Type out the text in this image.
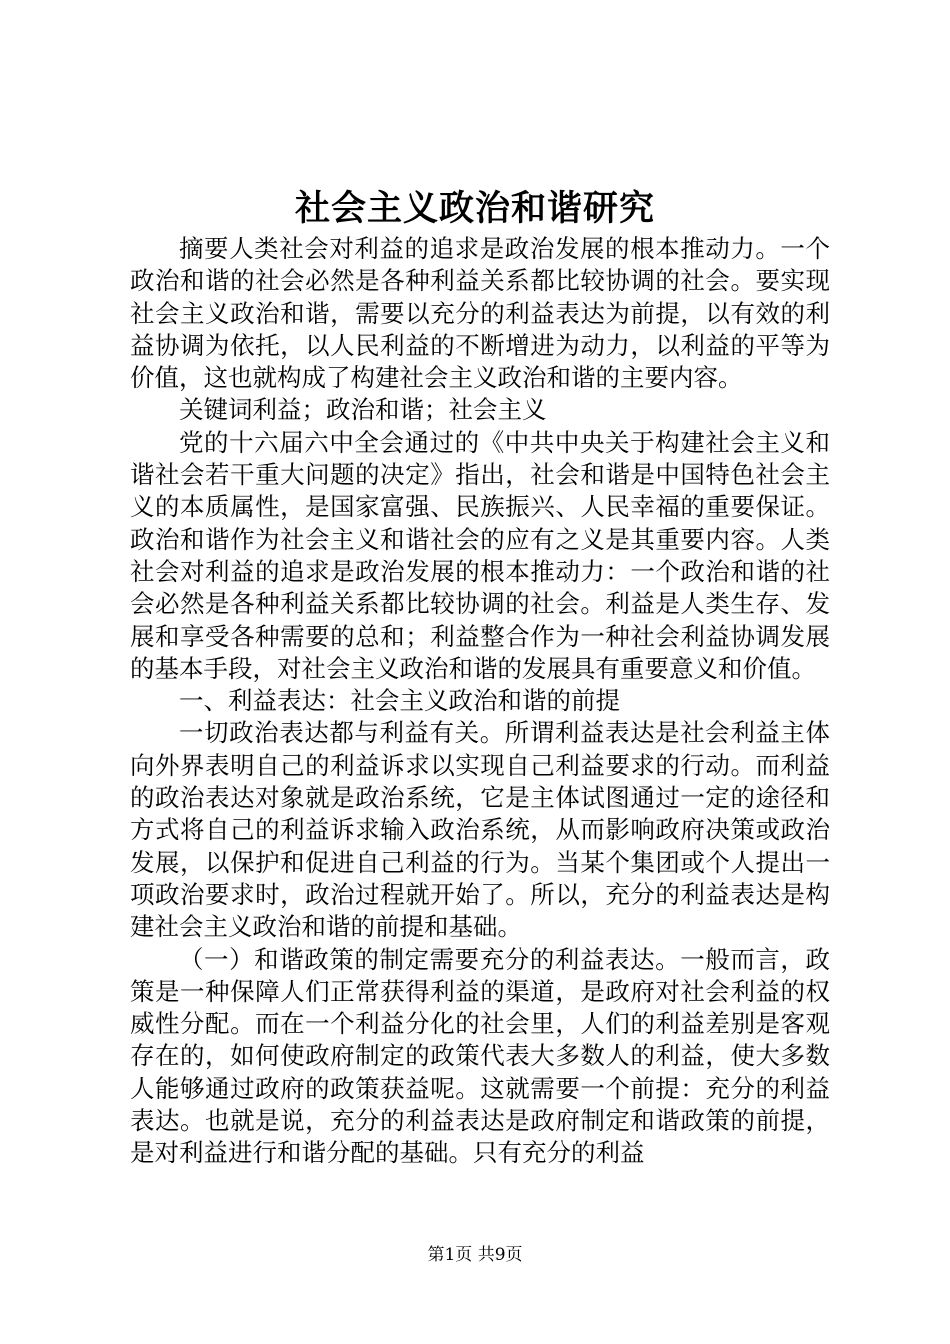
社会主义政治和谐研究

摘要人类社会对利益的追求是政治发展的根本推动力。一个政治和谐的社会必然是各种利益关系都比较协调的社会。要实现社会主义政治和谐，需要以充分的利益表达为前提，以有效的利益协调为依托，以人民利益的不断增进为动力，以利益的平等为价值，这也就构成了构建社会主义政治和谐的主要内容。

关键词利益；政治和谐；社会主义

党的十六届六中全会通过的《中共中央关于构建社会主义和谐社会若干重大问题的决定》指出，社会和谐是中国特色社会主义的本质属性，是国家富强、民族振兴、人民幸福的重要保证。政治和谐作为社会主义和谐社会的应有之义是其重要内容。人类社会对利益的追求是政治发展的根本推动力：一个政治和谐的社会必然是各种利益关系都比较协调的社会。利益是人类生存、发展和享受各种需要的总和；利益整合作为一种社会利益协调发展的基本手段，对社会主义政治和谐的发展具有重要意义和价值。

一、利益表达：社会主义政治和谐的前提

一切政治表达都与利益有关。所谓利益表达是社会利益主体向外界表明自己的利益诉求以实现自己利益要求的行动。而利益的政治表达对象就是政治系统，它是主体试图通过一定的途径和方式将自己的利益诉求输入政治系统，从而影响政府决策或政治发展，以保护和促进自己利益的行为。当某个集团或个人提出一项政治要求时，政治过程就开始了。所以，充分的利益表达是构建社会主义政治和谐的前提和基础。

（一）和谐政策的制定需要充分的利益表达。一般而言，政策是一种保障人们正常获得利益的渠道，是政府对社会利益的权威性分配。而在一个利益分化的社会里，人们的利益差别是客观存在的，如何使政府制定的政策代表大多数人的利益，使大多数人能够通过政府的政策获益呢。这就需要一个前提：充分的利益表达。也就是说，充分的利益表达是政府制定和谐政策的前提，是对利益进行和谐分配的基础。只有充分的利益

第1页 共9页
